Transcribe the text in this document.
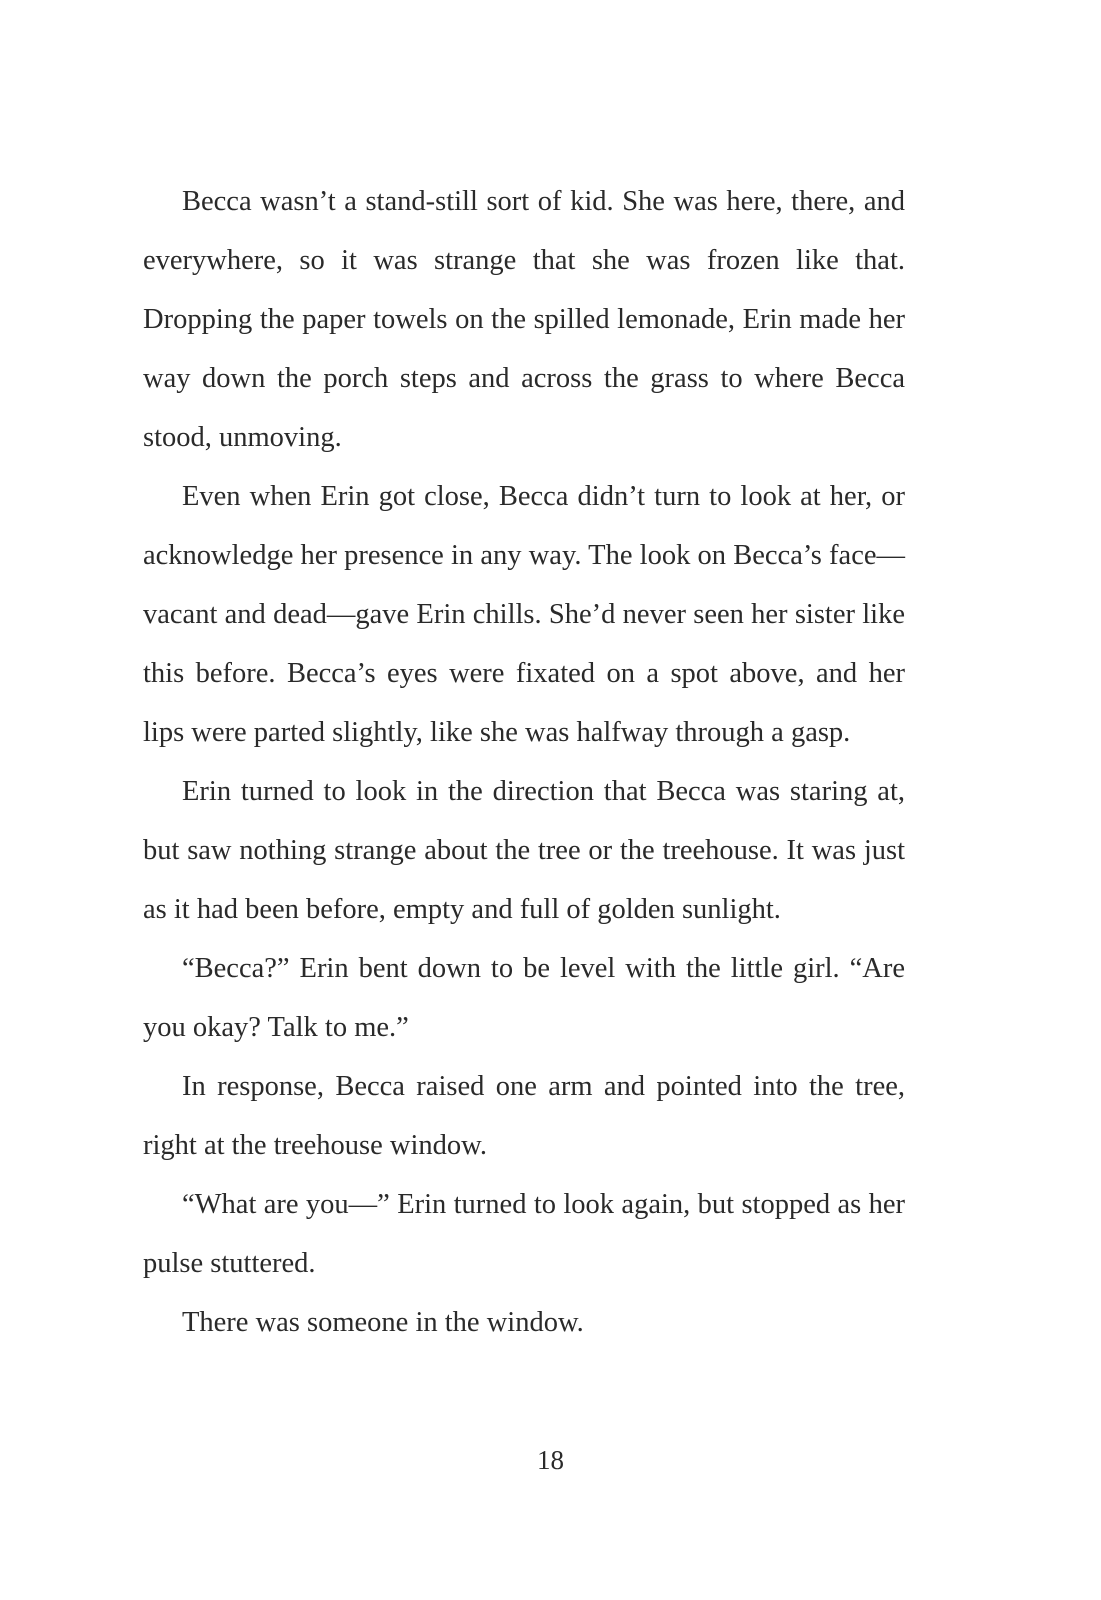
Becca wasn’t a stand-still sort of kid. She was here, there, and everywhere, so it was strange that she was frozen like that. Dropping the paper towels on the spilled lemonade, Erin made her way down the porch steps and across the grass to where Becca stood, unmoving.

Even when Erin got close, Becca didn’t turn to look at her, or acknowledge her presence in any way. The look on Becca’s face—vacant and dead—gave Erin chills. She’d never seen her sister like this before. Becca’s eyes were fixated on a spot above, and her lips were parted slightly, like she was halfway through a gasp.

Erin turned to look in the direction that Becca was staring at, but saw nothing strange about the tree or the treehouse. It was just as it had been before, empty and full of golden sunlight.

“Becca?” Erin bent down to be level with the little girl. “Are you okay? Talk to me.”

In response, Becca raised one arm and pointed into the tree, right at the treehouse window.

“What are you—” Erin turned to look again, but stopped as her pulse stuttered.

There was someone in the window.

18
